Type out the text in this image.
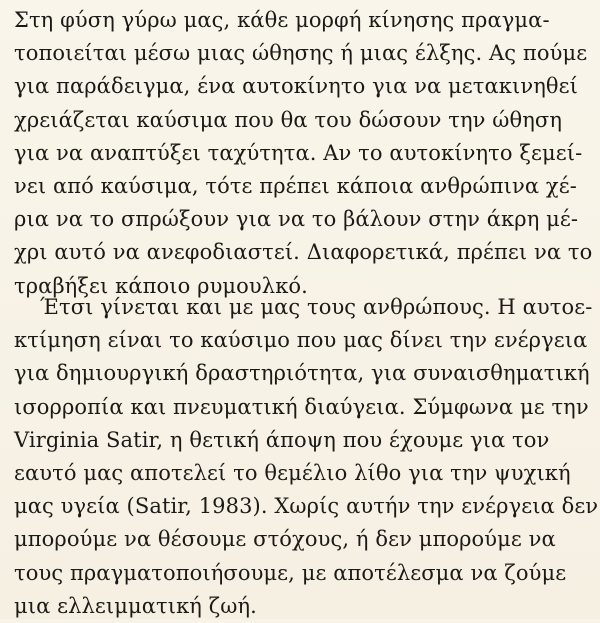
Στη φύση γύρω μας, κάθε μορφή κίνησης πραγμα-
τοποιείται μέσω μιας ώθησης ή μιας έλξης. Ας πούμε
για παράδειγμα, ένα αυτοκίνητο για να μετακινηθεί
χρειάζεται καύσιμα που θα του δώσουν την ώθηση
για να αναπτύξει ταχύτητα. Αν το αυτοκίνητο ξεμεί-
νει από καύσιμα, τότε πρέπει κάποια ανθρώπινα χέ-
ρια να το σπρώξουν για να το βάλουν στην άκρη μέ-
χρι αυτό να ανεφοδιαστεί. Διαφορετικά, πρέπει να το
τραβήξει κάποιο ρυμουλκό.
Έτσι γίνεται και με μας τους ανθρώπους. Η αυτοε-
κτίμηση είναι το καύσιμο που μας δίνει την ενέργεια
για δημιουργική δραστηριότητα, για συναισθηματική
ισορροπία και πνευματική διαύγεια. Σύμφωνα με την
Virginia Satir, η θετική άποψη που έχουμε για τον
εαυτό μας αποτελεί το θεμέλιο λίθο για την ψυχική
μας υγεία (Satir, 1983). Χωρίς αυτήν την ενέργεια δεν
μπορούμε να θέσουμε στόχους, ή δεν μπορούμε να
τους πραγματοποιήσουμε, με αποτέλεσμα να ζούμε
μια ελλειμματική ζωή.
